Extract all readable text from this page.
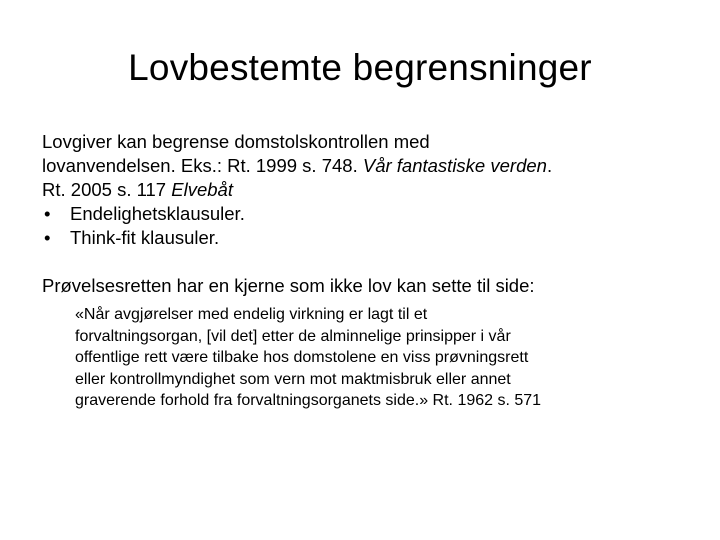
Lovbestemte begrensninger

Lovgiver kan begrense domstolskontrollen med
lovanvendelsen. Eks.: Rt. 1999 s. 748. Vår fantastiske verden.
Rt. 2005 s. 117 Elvebåt

• Endelighetsklausuler.
• Think-fit klausuler.

Prøvelsesretten har en kjerne som ikke lov kan sette til side:

«Når avgjørelser med endelig virkning er lagt til et
forvaltningsorgan, [vil det] etter de alminnelige prinsipper i vår
offentlige rett være tilbake hos domstolene en viss prøvningsrett
eller kontrollmyndighet som vern mot maktmisbruk eller annet
graverende forhold fra forvaltningsorganets side.» Rt. 1962 s. 571
